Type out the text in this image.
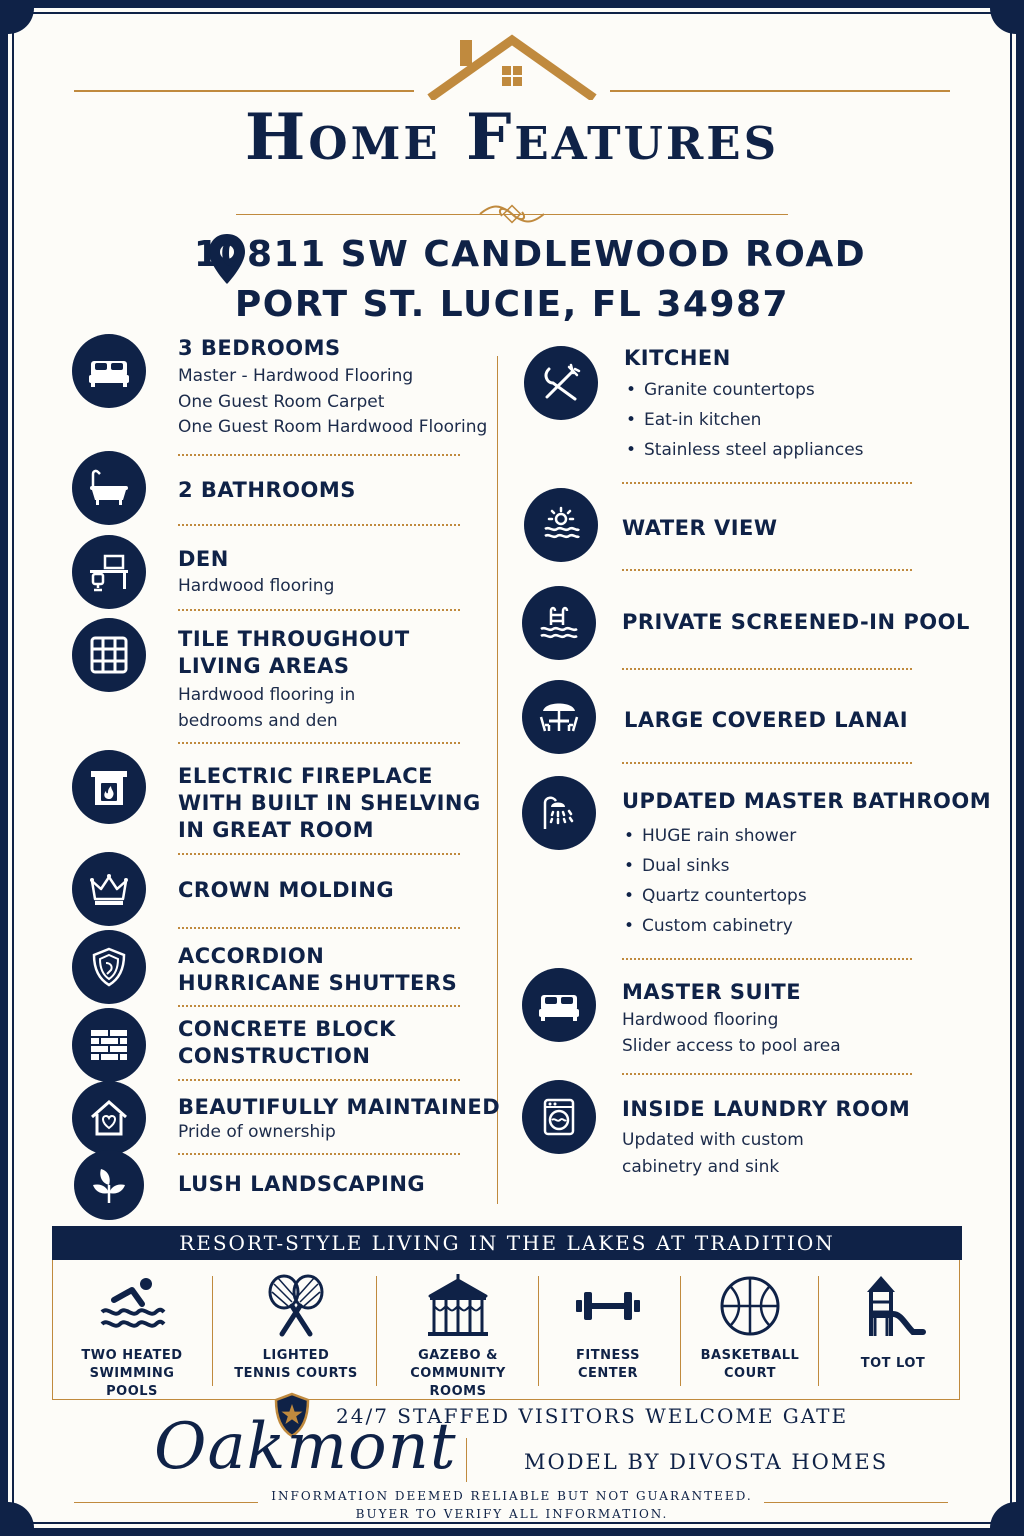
Home Features
10811 SW CANDLEWOOD ROAD
PORT ST. LUCIE, FL 34987
3 BEDROOMS
Master - Hardwood Flooring
One Guest Room Carpet
One Guest Room Hardwood Flooring
2 BATHROOMS
DEN
Hardwood flooring
TILE THROUGHOUT
LIVING AREAS
Hardwood flooring in
bedrooms and den
ELECTRIC FIREPLACE
WITH BUILT IN SHELVING
IN GREAT ROOM
CROWN MOLDING
ACCORDION
HURRICANE SHUTTERS
CONCRETE BLOCK
CONSTRUCTION
BEAUTIFULLY MAINTAINED
Pride of ownership
LUSH LANDSCAPING
KITCHEN
• Granite countertops
• Eat-in kitchen
• Stainless steel appliances
WATER VIEW
PRIVATE SCREENED-IN POOL
LARGE COVERED LANAI
UPDATED MASTER BATHROOM
• HUGE rain shower
• Dual sinks
• Quartz countertops
• Custom cabinetry
MASTER SUITE
Hardwood flooring
Slider access to pool area
INSIDE LAUNDRY ROOM
Updated with custom
cabinetry and sink
RESORT-STYLE LIVING IN THE LAKES AT TRADITION
TWO HEATED
SWIMMING POOLS
LIGHTED
TENNIS COURTS
GAZEBO &
COMMUNITY ROOMS
FITNESS
CENTER
BASKETBALL
COURT
TOT LOT
24/7 STAFFED VISITORS WELCOME GATE
Oakmont	MODEL BY DIVOSTA HOMES
INFORMATION DEEMED RELIABLE BUT NOT GUARANTEED.
BUYER TO VERIFY ALL INFORMATION.
